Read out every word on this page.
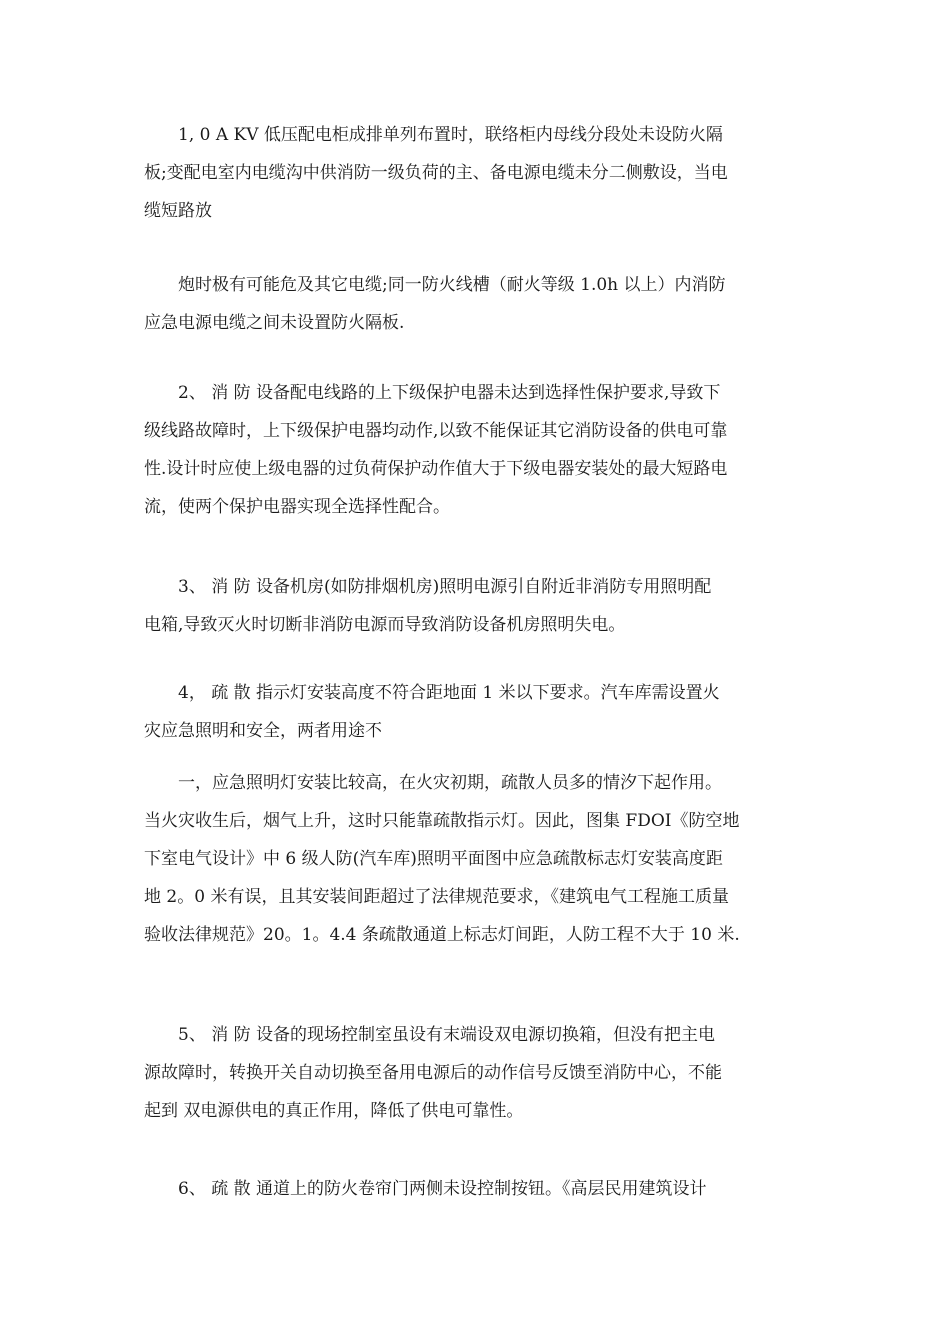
1, 0 A KV 低压配电柜成排单列布置时，联络柜内母线分段处未设防火隔
板;变配电室内电缆沟中供消防一级负荷的主、备电源电缆未分二侧敷设，当电
缆短路放
炮时极有可能危及其它电缆;同一防火线槽（耐火等级 1.0h 以上）内消防
应急电源电缆之间未设置防火隔板.
2、 消 防 设备配电线路的上下级保护电器未达到选择性保护要求,导致下
级线路故障时，上下级保护电器均动作,以致不能保证其它消防设备的供电可靠
性.设计时应使上级电器的过负荷保护动作值大于下级电器安装处的最大短路电
流，使两个保护电器实现全选择性配合。
3、 消 防 设备机房(如防排烟机房)照明电源引自附近非消防专用照明配
电箱,导致灭火时切断非消防电源而导致消防设备机房照明失电。
4， 疏 散 指示灯安装高度不符合距地面 1 米以下要求。汽车库需设置火
灾应急照明和安全，两者用途不
一，应急照明灯安装比较高，在火灾初期，疏散人员多的情汐下起作用。
当火灾收生后，烟气上升，这时只能靠疏散指示灯。因此，图集 FDOI《防空地
下室电气设计》中 6 级人防(汽车库)照明平面图中应急疏散标志灯安装高度距
地 2。0 米有误，且其安装间距超过了法律规范要求，《建筑电气工程施工质量
验收法律规范》20。1。4.4 条疏散通道上标志灯间距，人防工程不大于 10 米.
5、 消 防 设备的现场控制室虽设有末端设双电源切换箱，但没有把主电
源故障时，转换开关自动切换至备用电源后的动作信号反馈至消防中心，不能
起到 双电源供电的真正作用，降低了供电可靠性。
6、 疏 散 通道上的防火卷帘门两侧未设控制按钮。《高层民用建筑设计
